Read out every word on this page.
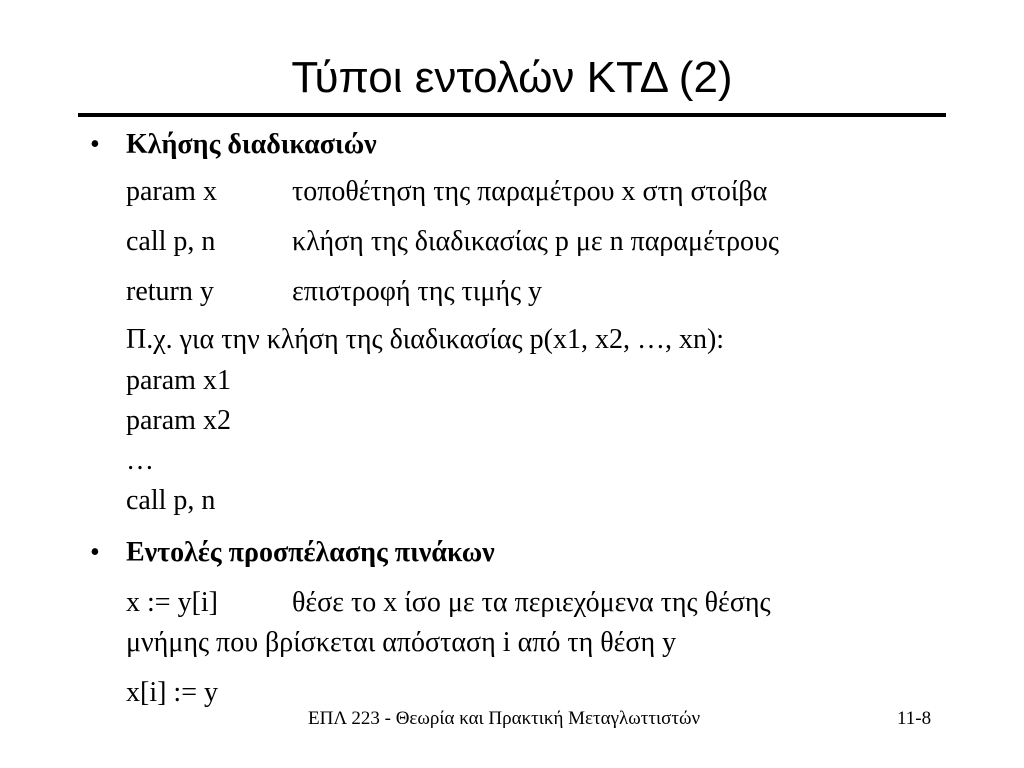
Τύποι εντολών ΚΤΔ (2)
• Κλήσης διαδικασιών
param x	τοποθέτηση της παραμέτρου x στη στοίβα
call p, n	κλήση της διαδικασίας p με n παραμέτρους
return y	επιστροφή της τιμής y
Π.χ. για την κλήση της διαδικασίας p(x1, x2, …, xn):
param x1
param x2
…
call p, n
• Εντολές προσπέλασης πινάκων
x := y[i]	θέσε το x ίσο με τα περιεχόμενα της θέσης
μνήμης που βρίσκεται απόσταση i από τη θέση y
x[i] := y
ΕΠΛ 223 - Θεωρία και Πρακτική Μεταγλωττιστών	11-8
